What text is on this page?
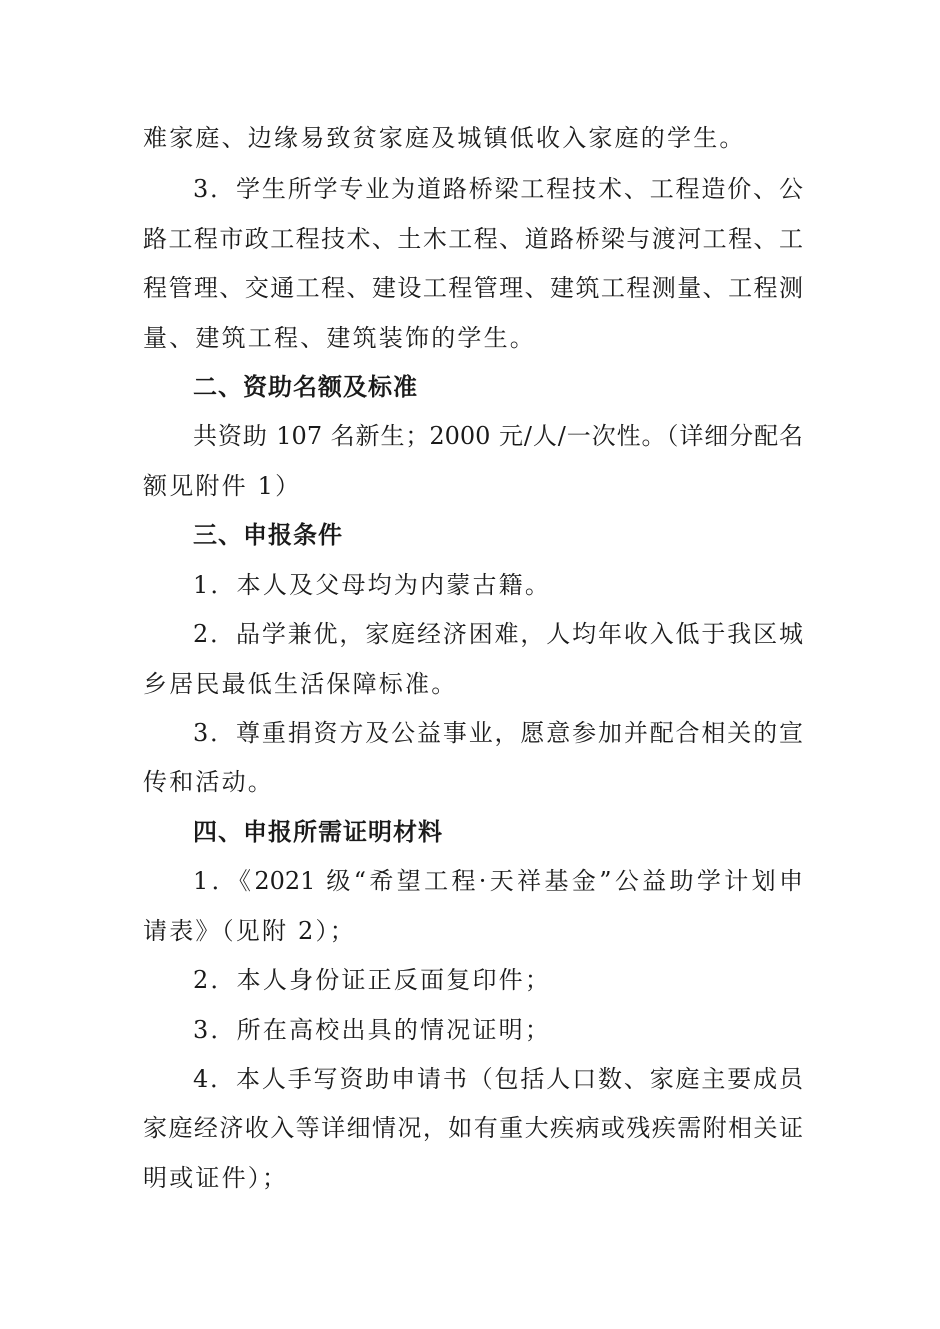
难家庭、边缘易致贫家庭及城镇低收入家庭的学生。
3．学生所学专业为道路桥梁工程技术、工程造价、公
路工程市政工程技术、土木工程、道路桥梁与渡河工程、工
程管理、交通工程、建设工程管理、建筑工程测量、工程测
量、建筑工程、建筑装饰的学生。
二、资助名额及标准
共资助 107 名新生；2000 元/人/一次性。（详细分配名
额见附件 1）
三、申报条件
1．本人及父母均为内蒙古籍。
2．品学兼优，家庭经济困难，人均年收入低于我区城
乡居民最低生活保障标准。
3．尊重捐资方及公益事业，愿意参加并配合相关的宣
传和活动。
四、申报所需证明材料
1．《2021 级“希望工程·天祥基金”公益助学计划申
请表》（见附 2）；
2．本人身份证正反面复印件；
3．所在高校出具的情况证明；
4．本人手写资助申请书（包括人口数、家庭主要成员
家庭经济收入等详细情况，如有重大疾病或残疾需附相关证
明或证件）；
